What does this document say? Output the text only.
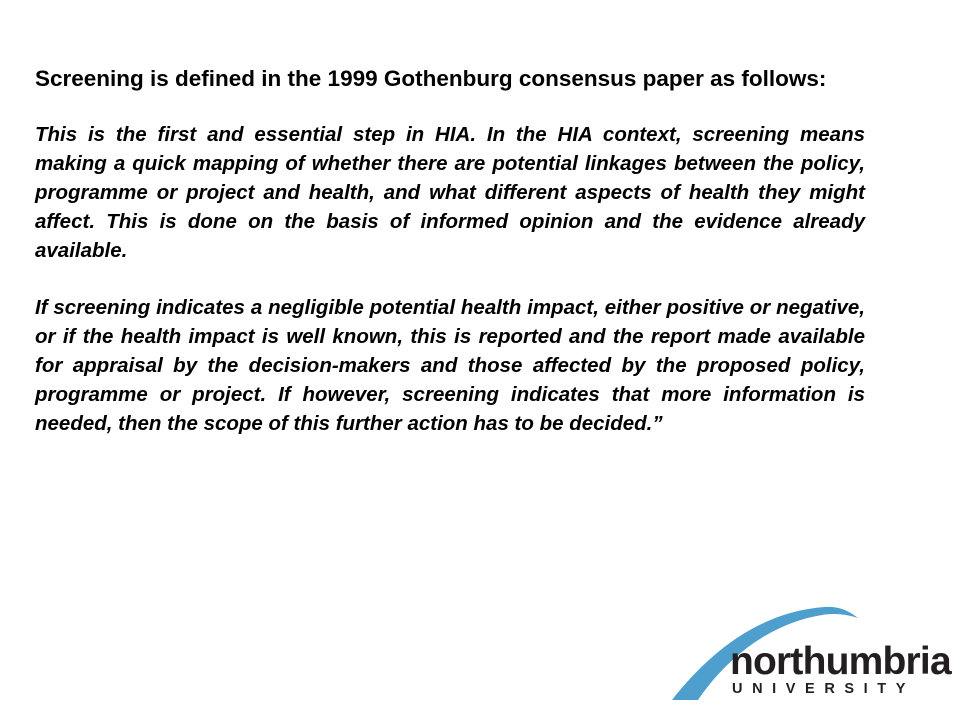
Screening is defined in the 1999 Gothenburg consensus paper as follows:

This is the first and essential step in HIA. In the HIA context, screening means making a quick mapping of whether there are potential linkages between the policy, programme or project and health, and what different aspects of health they might affect. This is done on the basis of informed opinion and the evidence already available.

If screening indicates a negligible potential health impact, either positive or negative, or if the health impact is well known, this is reported and the report made available for appraisal by the decision-makers and those affected by the proposed policy, programme or project. If however, screening indicates that more information is needed, then the scope of this further action has to be decided.”

northumbria
UNIVERSITY
